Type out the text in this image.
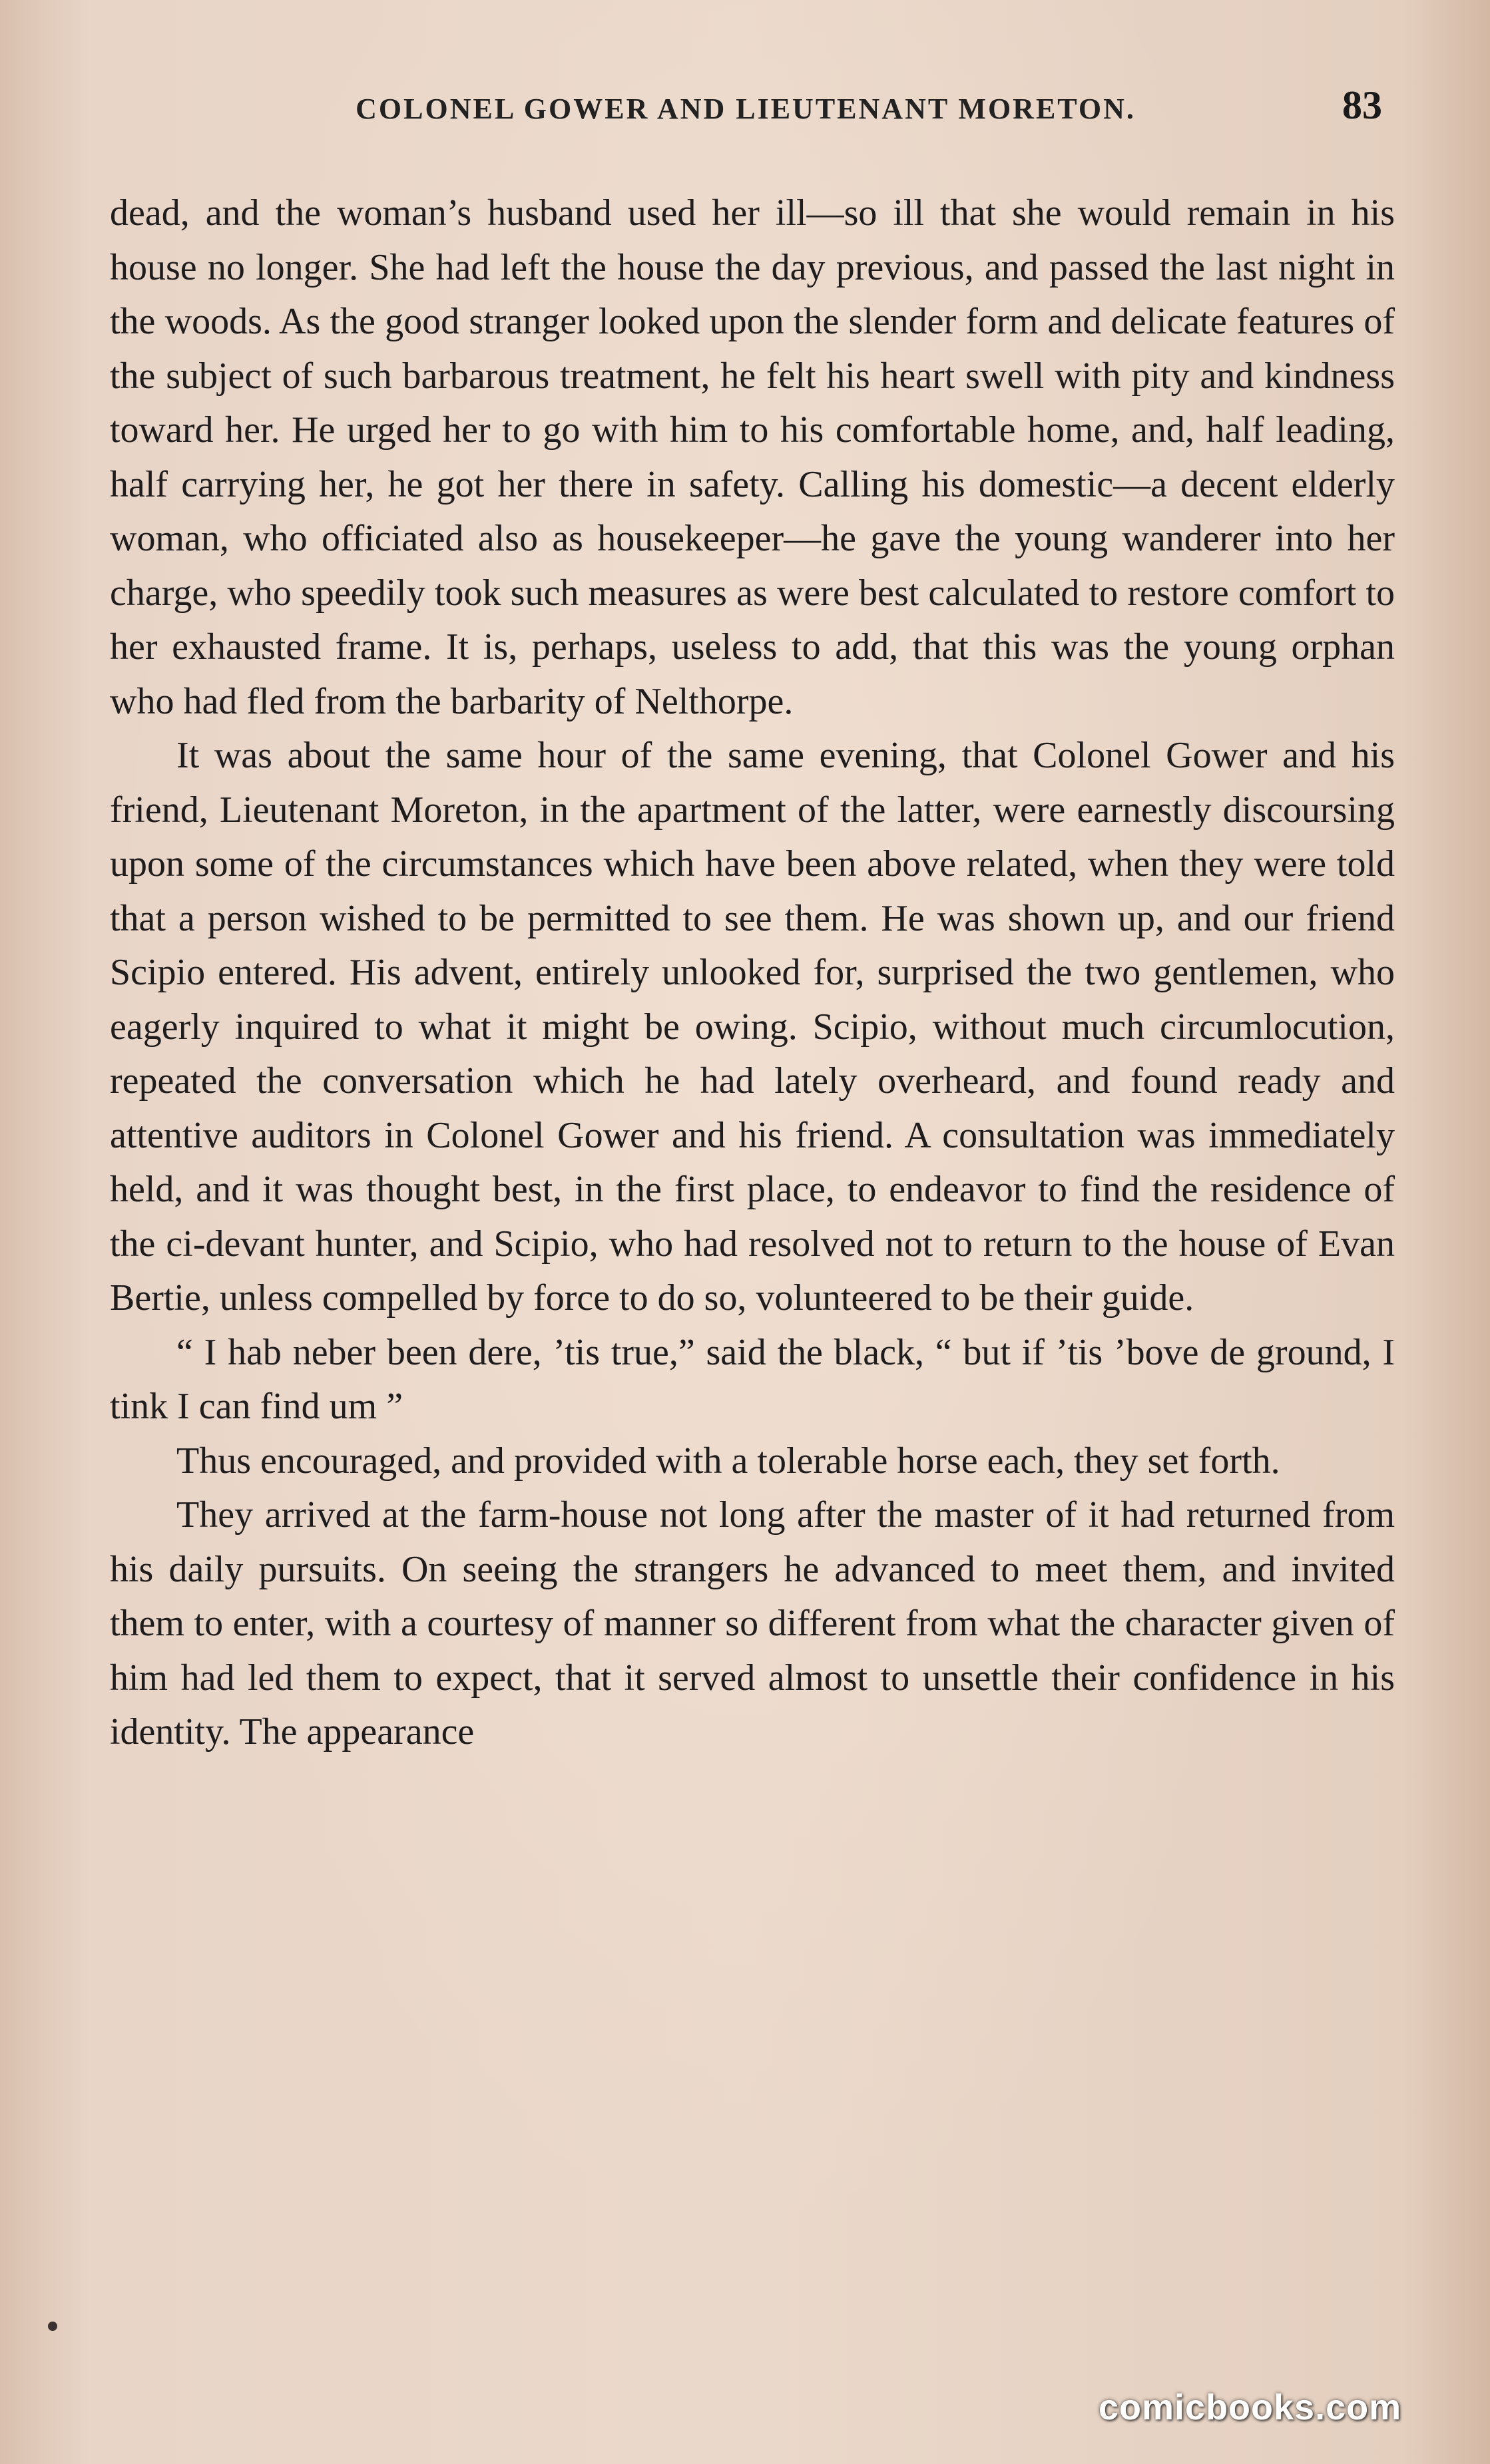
COLONEL GOWER AND LIEUTENANT MORETON.	83

dead, and the woman’s husband used her ill—so ill that she would remain in his house no longer. She had left the house the day previous, and passed the last night in the woods. As the good stranger looked upon the slender form and delicate features of the subject of such barbarous treatment, he felt his heart swell with pity and kindness toward her. He urged her to go with him to his comfortable home, and, half leading, half carrying her, he got her there in safety. Calling his domestic—a decent elderly woman, who officiated also as housekeeper—he gave the young wanderer into her charge, who speedily took such measures as were best calculated to restore comfort to her exhausted frame. It is, perhaps, useless to add, that this was the young orphan who had fled from the barbarity of Nelthorpe.

It was about the same hour of the same evening, that Colonel Gower and his friend, Lieutenant Moreton, in the apartment of the latter, were earnestly discoursing upon some of the circumstances which have been above related, when they were told that a person wished to be permitted to see them. He was shown up, and our friend Scipio entered. His advent, entirely unlooked for, surprised the two gentlemen, who eagerly inquired to what it might be owing. Scipio, without much circumlocution, repeated the conversation which he had lately overheard, and found ready and attentive auditors in Colonel Gower and his friend. A consultation was immediately held, and it was thought best, in the first place, to endeavor to find the residence of the ci-devant hunter, and Scipio, who had resolved not to return to the house of Evan Bertie, unless compelled by force to do so, volunteered to be their guide.

“ I hab neber been dere, ’tis true,” said the black, “ but if ’tis ’bove de ground, I tink I can find um ”

Thus encouraged, and provided with a tolerable horse each, they set forth.

They arrived at the farm-house not long after the master of it had returned from his daily pursuits. On seeing the strangers he advanced to meet them, and invited them to enter, with a courtesy of manner so different from what the character given of him had led them to expect, that it served almost to unsettle their confidence in his identity. The appearance

comicbooks.com
